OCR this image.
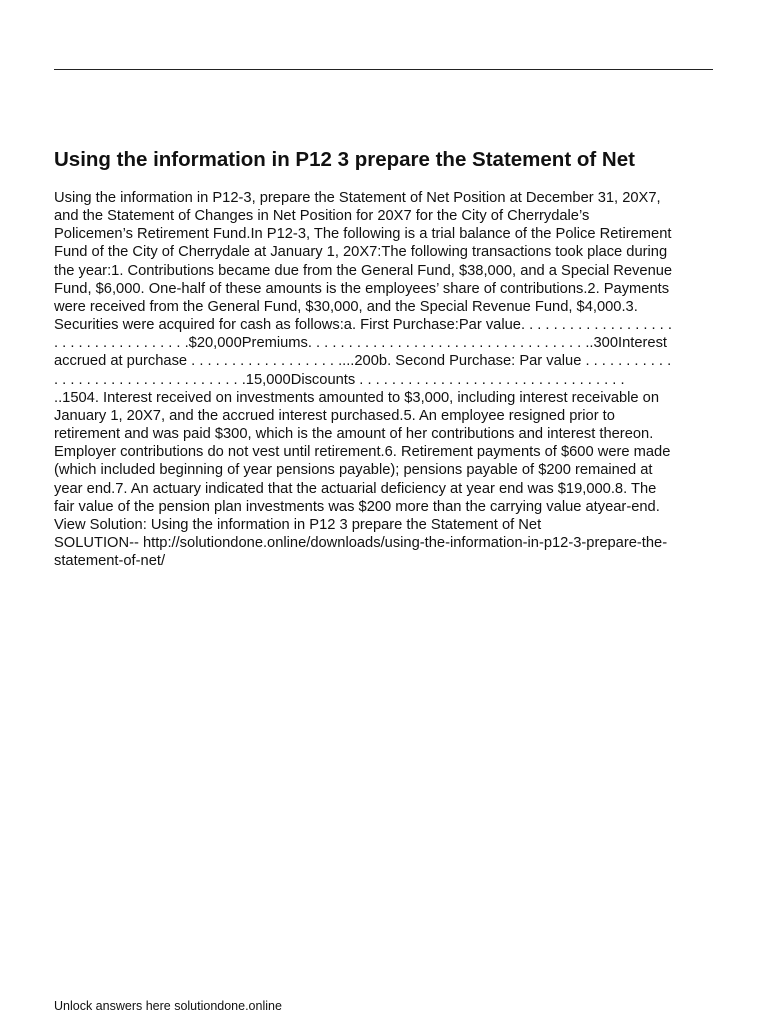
Using the information in P12 3 prepare the Statement of Net
Using the information in P12-3, prepare the Statement of Net Position at December 31, 20X7,
and the Statement of Changes in Net Position for 20X7 for the City of Cherrydale’s
Policemen’s Retirement Fund.In P12-3, The following is a trial balance of the Police Retirement
Fund of the City of Cherrydale at January 1, 20X7:The following transactions took place during
the year:1. Contributions became due from the General Fund, $38,000, and a Special Revenue
Fund, $6,000. One-half of these amounts is the employees’ share of contributions.2. Payments
were received from the General Fund, $30,000, and the Special Revenue Fund, $4,000.3.
Securities were acquired for cash as follows:a. First Purchase:Par value. . . . . . . . . . . . . . . . . . .
. . . . . . . . . . . . . . . . .$20,000Premiums. . . . . . . . . . . . . . . . . . . . . . . . . . . . . . . . . . ..300Interest
accrued at purchase . . . . . . . . . . . . . . . . . . ....200b. Second Purchase: Par value . . . . . . . . . . .
. . . . . . . . . . . . . . . . . . . . . . . .15,000Discounts . . . . . . . . . . . . . . . . . . . . . . . . . . . . . . . . .
..1504. Interest received on investments amounted to $3,000, including interest receivable on
January 1, 20X7, and the accrued interest purchased.5. An employee resigned prior to
retirement and was paid $300, which is the amount of her contributions and interest thereon.
Employer contributions do not vest until retirement.6. Retirement payments of $600 were made
(which included beginning of year pensions payable); pensions payable of $200 remained at
year end.7. An actuary indicated that the actuarial deficiency at year end was $19,000.8. The
fair value of the pension plan investments was $200 more than the carrying value atyear-end.
View Solution: Using the information in P12 3 prepare the Statement of Net
SOLUTION-- http://solutiondone.online/downloads/using-the-information-in-p12-3-prepare-the-
statement-of-net/
Unlock answers here solutiondone.online
